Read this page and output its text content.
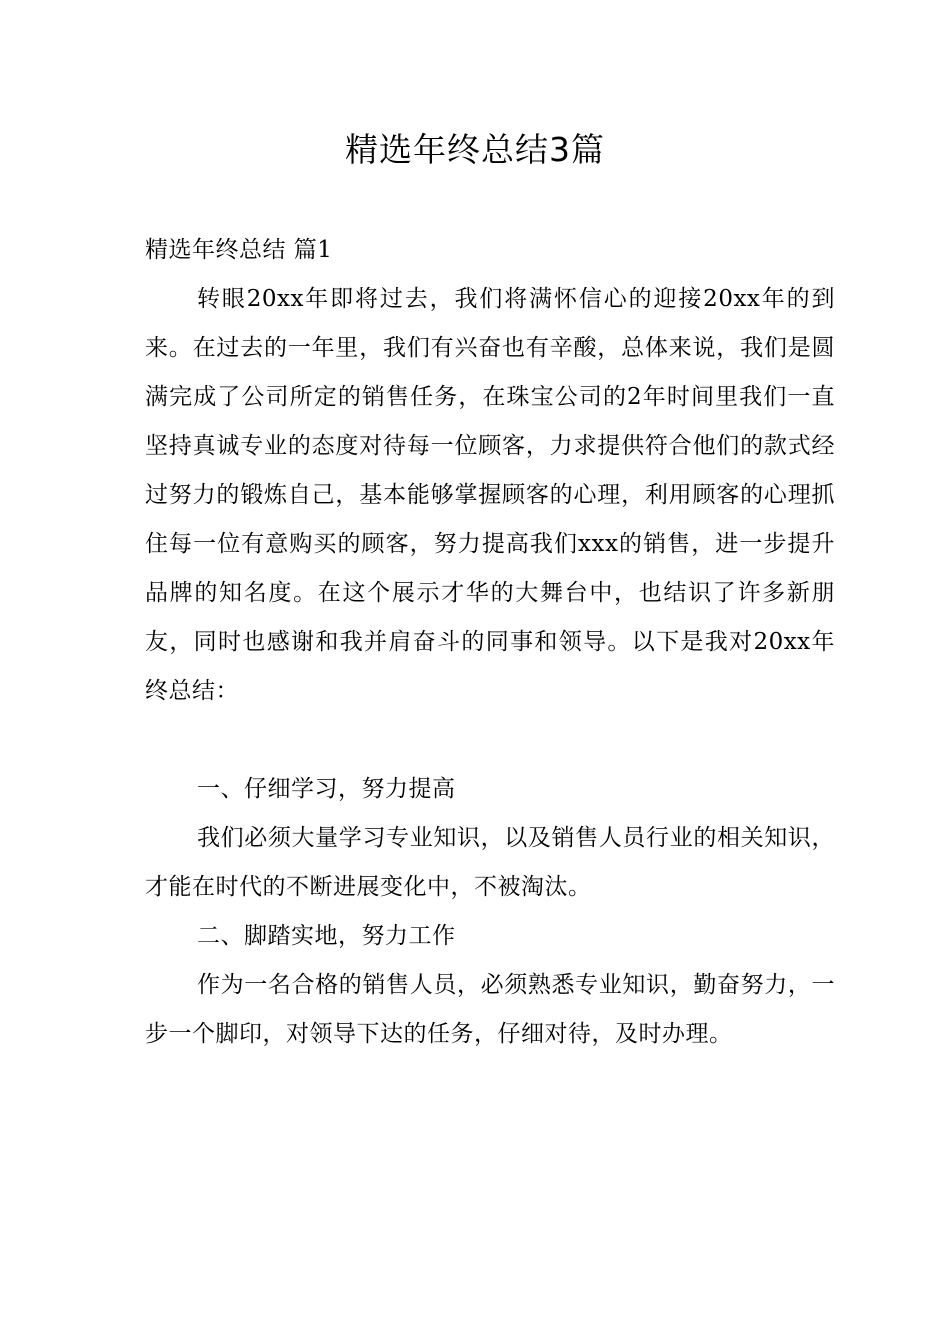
精选年终总结3篇

精选年终总结 篇1

转眼20xx年即将过去，我们将满怀信心的迎接20xx年的到来。在过去的一年里，我们有兴奋也有辛酸，总体来说，我们是圆满完成了公司所定的销售任务，在珠宝公司的2年时间里我们一直坚持真诚专业的态度对待每一位顾客，力求提供符合他们的款式经过努力的锻炼自己，基本能够掌握顾客的心理，利用顾客的心理抓住每一位有意购买的顾客，努力提高我们xxx的销售，进一步提升品牌的知名度。在这个展示才华的大舞台中，也结识了许多新朋友，同时也感谢和我并肩奋斗的同事和领导。以下是我对20xx年终总结：

一、仔细学习，努力提高

我们必须大量学习专业知识，以及销售人员行业的相关知识，才能在时代的不断进展变化中，不被淘汰。

二、脚踏实地，努力工作

作为一名合格的销售人员，必须熟悉专业知识，勤奋努力，一步一个脚印，对领导下达的任务，仔细对待，及时办理。
